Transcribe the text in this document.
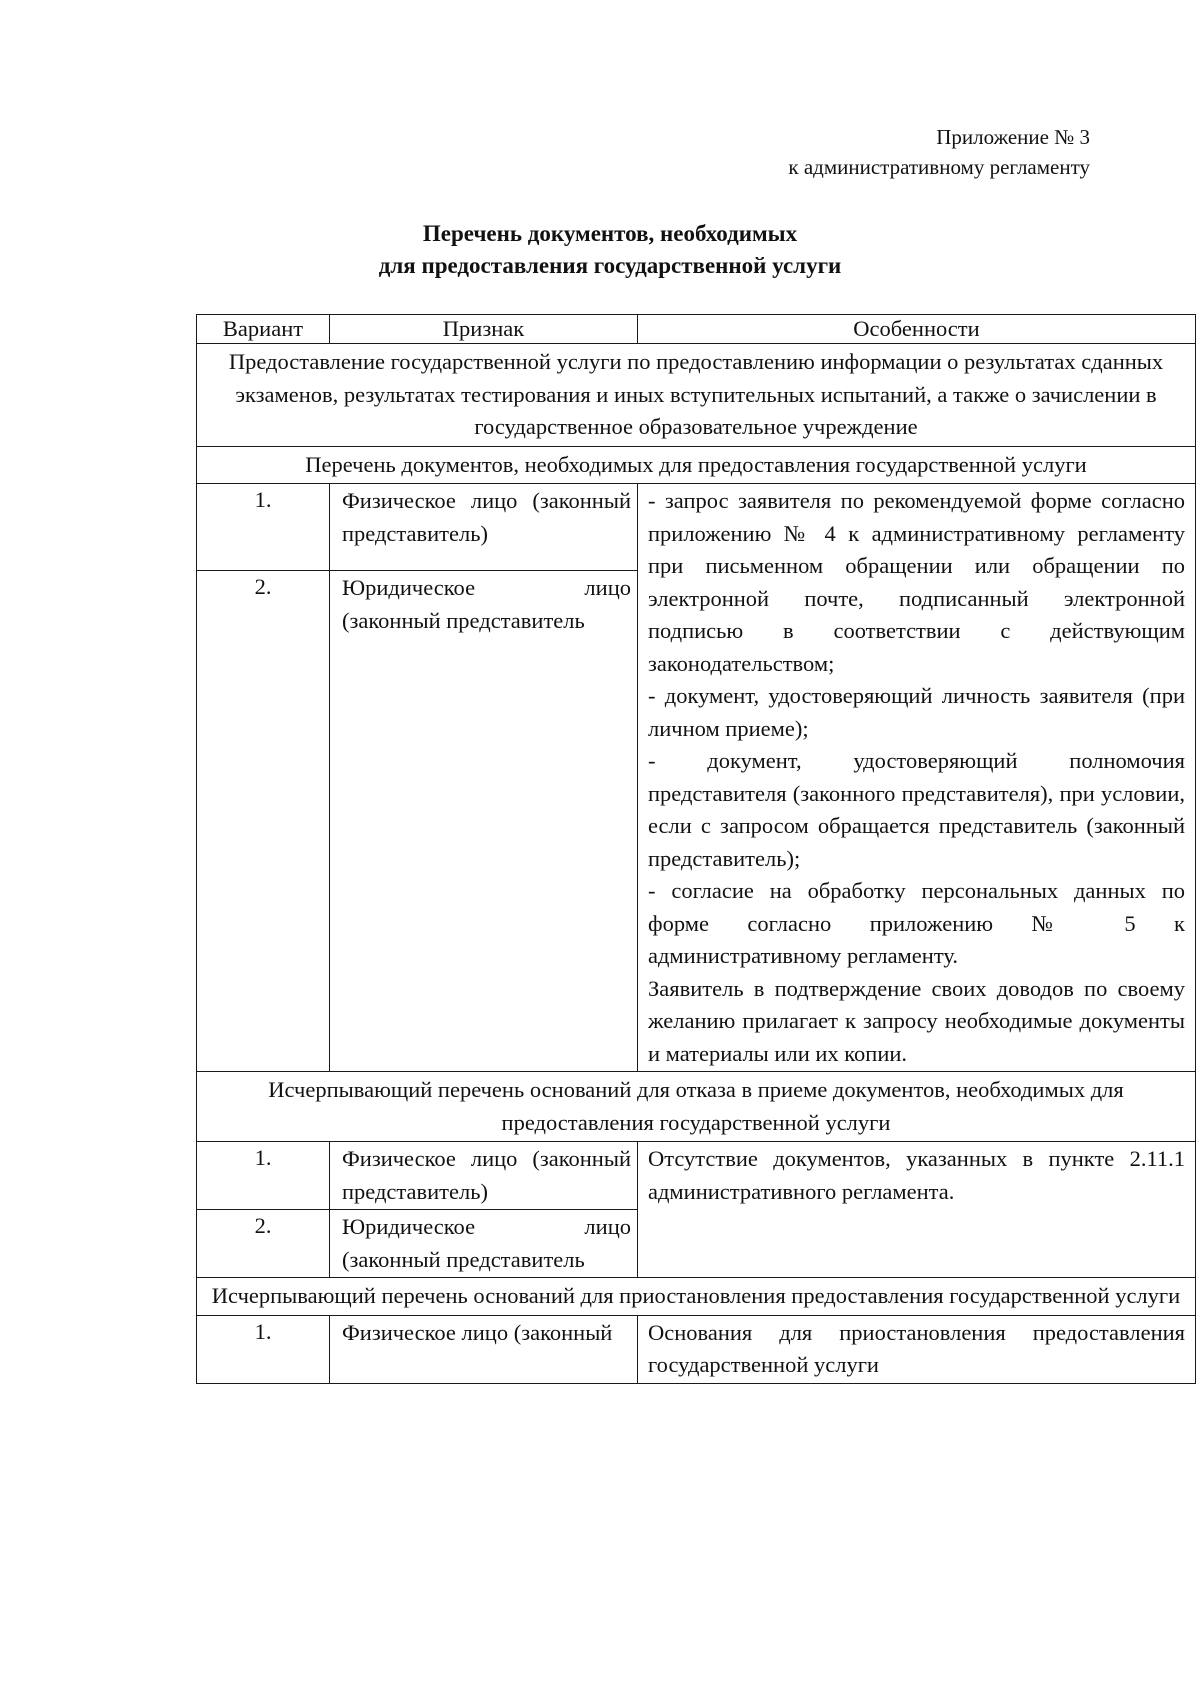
Приложение № 3
к административному регламенту
Перечень документов, необходимых
для предоставления государственной услуги
Вариант	Признак	Особенности
Предоставление государственной услуги по предоставлению информации о результатах сданных экзаменов, результатах тестирования и иных вступительных испытаний, а также о зачислении в государственное образовательное учреждение		
Перечень документов, необходимых для предоставления государственной услуги		
1.	Физическое лицо (законный представитель)	- запрос заявителя по рекомендуемой форме согласно приложению № 4 к административному регламенту при письменном обращении или обращении по электронной почте, подписанный электронной подписью в соответствии с действующим законодательством;

- документ, удостоверяющий личность заявителя (при личном приеме);

- документ, удостоверяющий полномочия представителя (законного представителя), при условии, если с запросом обращается представитель (законный представитель);

- согласие на обработку персональных данных по форме согласно приложению № 5 к административному регламенту.

Заявитель в подтверждение своих доводов по своему желанию прилагает к запросу необходимые документы и материалы или их копии.

2.	Юридическое лицо (законный представитель	
Исчерпывающий перечень оснований для отказа в приеме документов, необходимых для предоставления государственной услуги		
1.	Физическое лицо (законный представитель)	Отсутствие документов, указанных в пункте 2.11.1 административного регламента.

2.	Юридическое лицо (законный представитель	
Исчерпывающий перечень оснований для приостановления предоставления государственной услуги		
1.	Физическое лицо (законный	Основания для приостановления предоставления государственной услуги
